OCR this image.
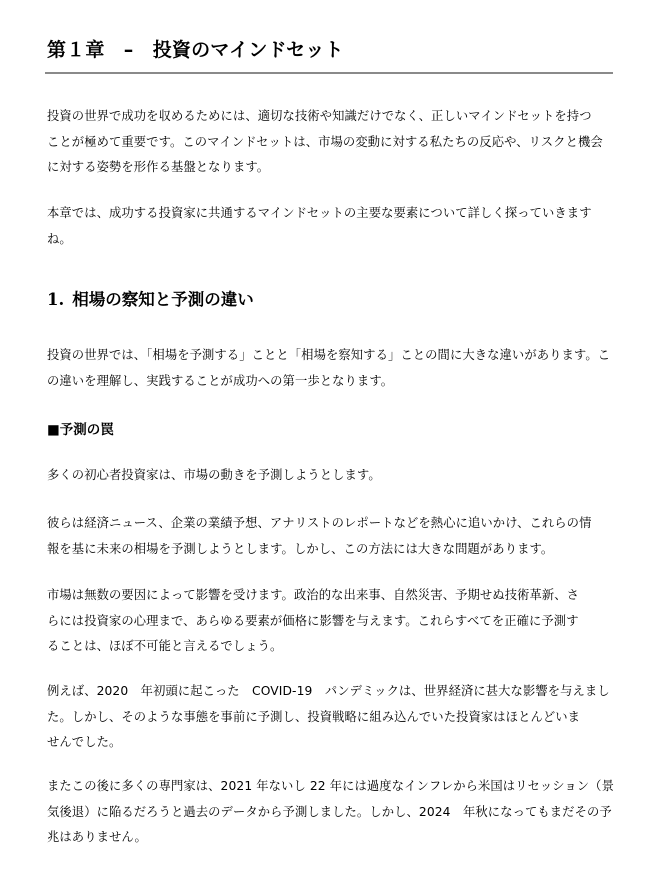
第１章　–　投資のマインドセット
投資の世界で成功を収めるためには、適切な技術や知識だけでなく、正しいマインドセットを持つ
ことが極めて重要です。このマインドセットは、市場の変動に対する私たちの反応や、リスクと機会
に対する姿勢を形作る基盤となります。
本章では、成功する投資家に共通するマインドセットの主要な要素について詳しく探っていきます
ね。
1. 相場の察知と予測の違い
投資の世界では、「相場を予測する」ことと「相場を察知する」ことの間に大きな違いがあります。こ
の違いを理解し、実践することが成功への第一歩となります。
■予測の罠
多くの初心者投資家は、市場の動きを予測しようとします。
彼らは経済ニュース、企業の業績予想、アナリストのレポートなどを熱心に追いかけ、これらの情
報を基に未来の相場を予測しようとします。しかし、この方法には大きな問題があります。
市場は無数の要因によって影響を受けます。政治的な出来事、自然災害、予期せぬ技術革新、さ
らには投資家の心理まで、あらゆる要素が価格に影響を与えます。これらすべてを正確に予測す
ることは、ほぼ不可能と言えるでしょう。
例えば、2020　年初頭に起こった　COVID-19　パンデミックは、世界経済に甚大な影響を与えまし
た。しかし、そのような事態を事前に予測し、投資戦略に組み込んでいた投資家はほとんどいま
せんでした。
またこの後に多くの専門家は、2021 年ないし 22 年には過度なインフレから米国はリセッション（景
気後退）に陥るだろうと過去のデータから予測しました。しかし、2024　年秋になってもまだその予
兆はありません。
